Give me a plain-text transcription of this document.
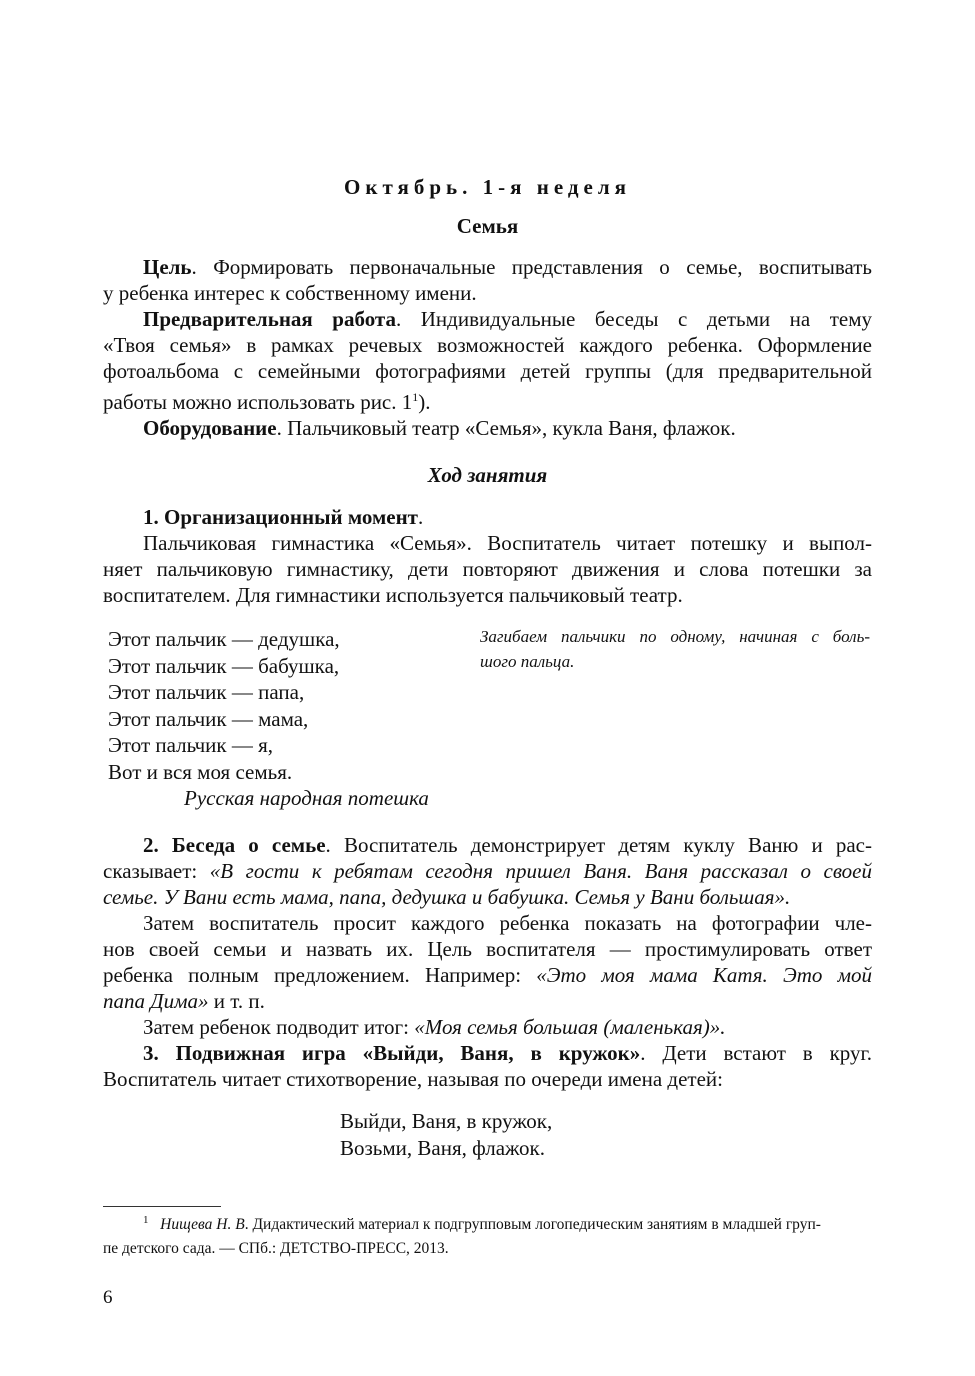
Октябрь. 1-я неделя
Семья
Цель. Формировать первоначальные представления о семье, воспитывать
у ребенка интерес к собственному имени.
Предварительная работа. Индивидуальные беседы с детьми на тему
«Твоя семья» в рамках речевых возможностей каждого ребенка. Оформление
фотоальбома с семейными фотографиями детей группы (для предварительной
работы можно использовать рис. $1^1$).
Оборудование. Пальчиковый театр «Семья», кукла Ваня, флажок.
Ход занятия
1. Организационный момент.
Пальчиковая гимнастика «Семья». Воспитатель читает потешку и выпол-
няет пальчиковую гимнастику, дети повторяют движения и слова потешки за
воспитателем. Для гимнастики используется пальчиковый театр.
Этот пальчик — дедушка,
Этот пальчик — бабушка,
Этот пальчик — папа,
Этот пальчик — мама,
Этот пальчик — я,
Вот и вся моя семья.
Русская народная потешка
Загибаем пальчики по одному, начиная с боль-
шого пальца.
2. Беседа о семье. Воспитатель демонстрирует детям куклу Ваню и рас-
сказывает: «В гости к ребятам сегодня пришел Ваня. Ваня рассказал о своей
семье. У Вани есть мама, папа, дедушка и бабушка. Семья у Вани большая».
Затем воспитатель просит каждого ребенка показать на фотографии чле-
нов своей семьи и назвать их. Цель воспитателя — простимулировать ответ
ребенка полным предложением. Например: «Это моя мама Катя. Это мой
папа Дима» и т. п.
Затем ребенок подводит итог: «Моя семья большая (маленькая)».
3. Подвижная игра «Выйди, Ваня, в кружок». Дети встают в круг.
Воспитатель читает стихотворение, называя по очереди имена детей:
Выйди, Ваня, в кружок,
Возьми, Ваня, флажок.
$^1$ Нищева Н. В. Дидактический материал к подгрупповым логопедическим занятиям в младшей груп-
пе детского сада. — СПб.: ДЕТСТВО-ПРЕСС, 2013.
6
